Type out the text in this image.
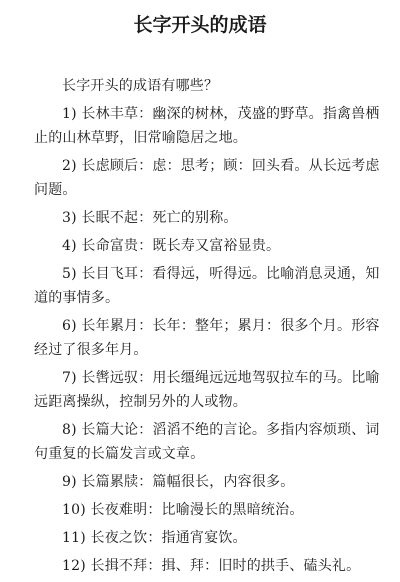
长字开头的成语

长字开头的成语有哪些？

1) 长林丰草：幽深的树林，茂盛的野草。指禽兽栖止的山林草野，旧常喻隐居之地。

2) 长虑顾后：虑：思考；顾：回头看。从长远考虑问题。

3) 长眠不起：死亡的别称。

4) 长命富贵：既长寿又富裕显贵。

5) 长目飞耳：看得远，听得远。比喻消息灵通，知道的事情多。

6) 长年累月：长年：整年；累月：很多个月。形容经过了很多年月。

7) 长辔远驭：用长缰绳远远地驾驭拉车的马。比喻远距离操纵，控制另外的人或物。

8) 长篇大论：滔滔不绝的言论。多指内容烦琐、词句重复的长篇发言或文章。

9) 长篇累牍：篇幅很长，内容很多。

10) 长夜难明：比喻漫长的黑暗统治。

11) 长夜之饮：指通宵宴饮。

12) 长揖不拜：揖、拜：旧时的拱手、磕头礼。
